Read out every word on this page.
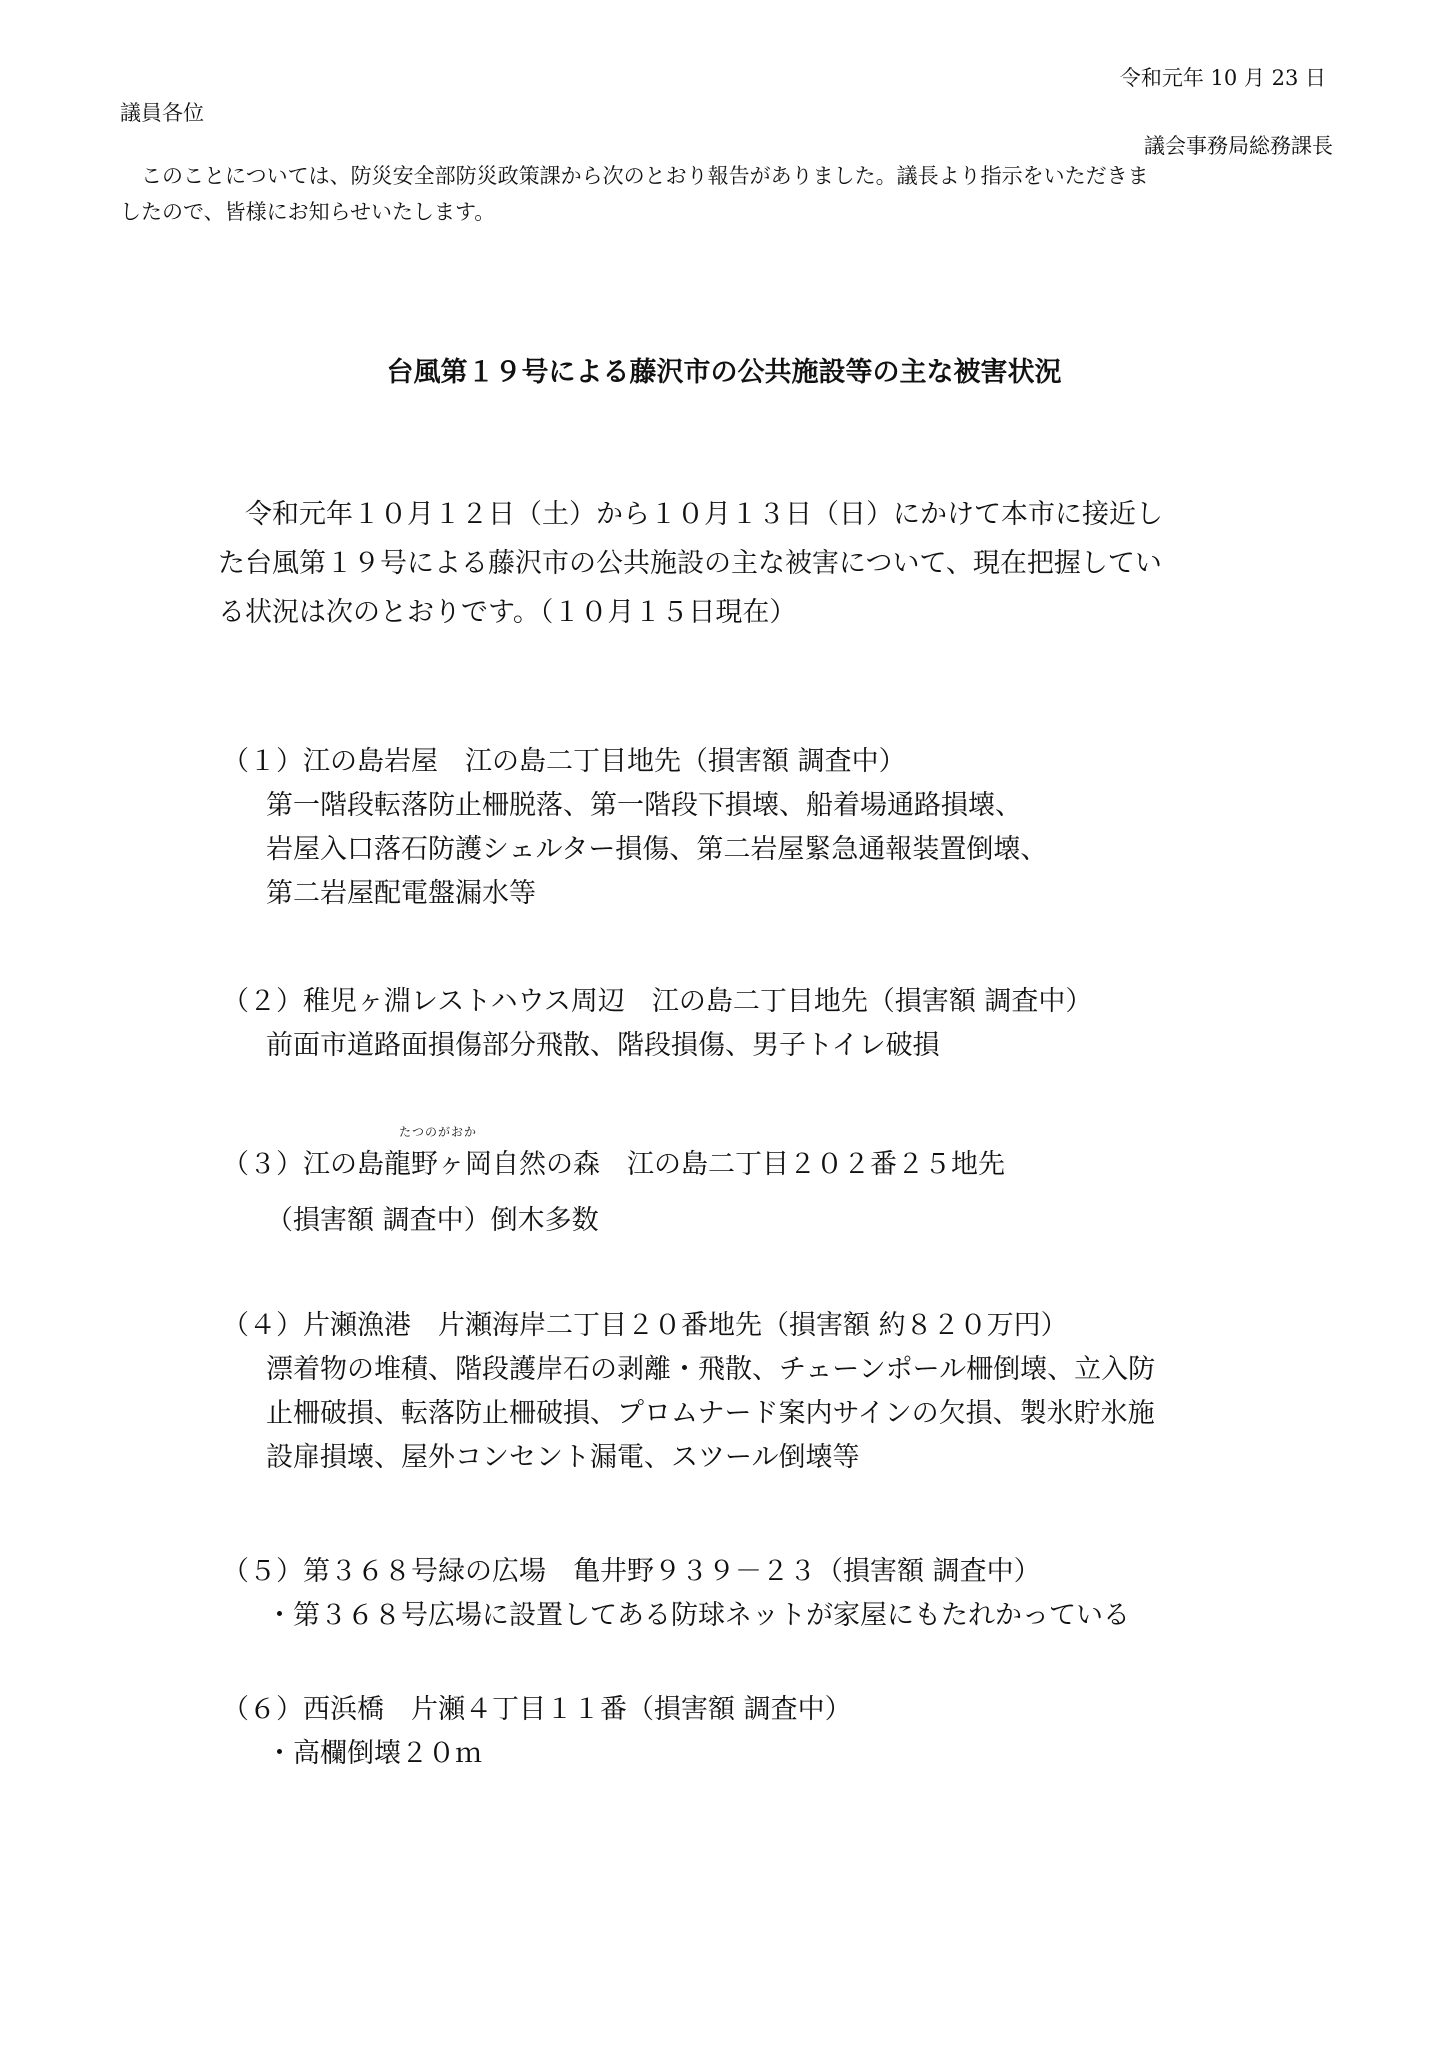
令和元年 10 月 23 日
議員各位
議会事務局総務課長

このことについては、防災安全部防災政策課から次のとおり報告がありました。議長より指示をいただきま

したので、皆様にお知らせいたします。

台風第１９号による藤沢市の公共施設等の主な被害状況

令和元年１０月１２日（土）から１０月１３日（日）にかけて本市に接近し

た台風第１９号による藤沢市の公共施設の主な被害について、現在把握してい

る状況は次のとおりです。（１０月１５日現在）

（１）江の島岩屋　江の島二丁目地先（損害額 調査中）
第一階段転落防止柵脱落、第一階段下損壊、船着場通路損壊、
岩屋入口落石防護シェルター損傷、第二岩屋緊急通報装置倒壊、
第二岩屋配電盤漏水等
（２）稚児ヶ淵レストハウス周辺　江の島二丁目地先（損害額 調査中）
前面市道路面損傷部分飛散、階段損傷、男子トイレ破損
（３）江の島
たつのがおか
龍野ヶ岡自然の森　江の島二丁目２０２番２５地先
（損害額 調査中）倒木多数
（４）片瀬漁港　片瀬海岸二丁目２０番地先（損害額 約８２０万円）
漂着物の堆積、階段護岸石の剥離・飛散、チェーンポール柵倒壊、立入防
止柵破損、転落防止柵破損、プロムナード案内サインの欠損、製氷貯氷施
設扉損壊、屋外コンセント漏電、スツール倒壊等
（５）第３６８号緑の広場　亀井野９３９－２３（損害額 調査中）
・第３６８号広場に設置してある防球ネットが家屋にもたれかっている
（６）西浜橋　片瀬４丁目１１番（損害額 調査中）
・高欄倒壊２０ｍ
